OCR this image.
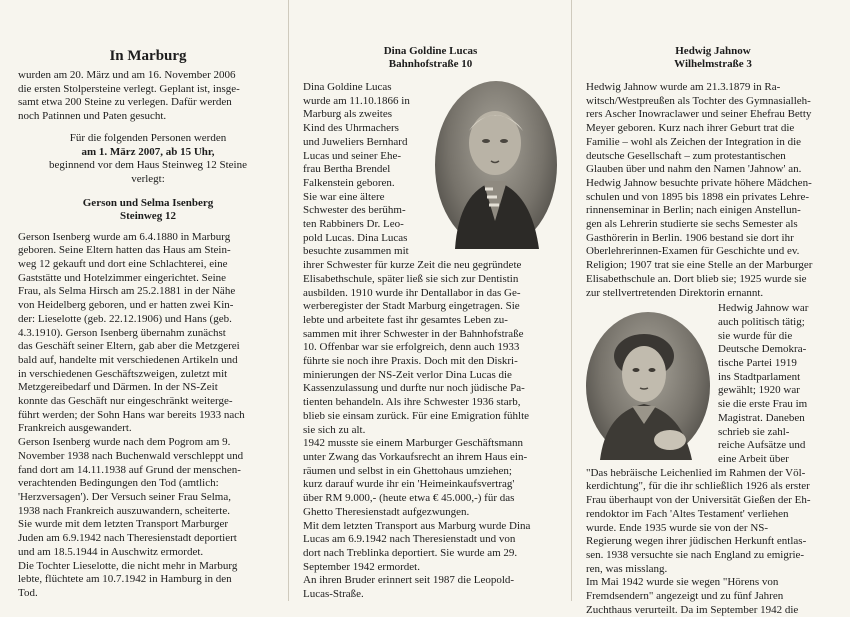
In Marburg

wurden am 20. März und am 16. November 2006

die ersten Stolpersteine verlegt. Geplant ist, insge-

samt etwa 200 Steine zu verlegen. Dafür werden

noch Patinnen und Paten gesucht.

Für die folgenden Personen werden

am 1. März 2007, ab 15 Uhr,

beginnend vor dem Haus Steinweg 12 Steine

verlegt:

Gerson und Selma Isenberg
Steinweg 12

Gerson Isenberg wurde am 6.4.1880 in Marburg

geboren. Seine Eltern hatten das Haus am Stein-

weg 12 gekauft und dort eine Schlachterei, eine

Gaststätte und Hotelzimmer eingerichtet. Seine

Frau, als Selma Hirsch am 25.2.1881 in der Nähe

von Heidelberg geboren, und er hatten zwei Kin-

der: Lieselotte (geb. 22.12.1906) und Hans (geb.

4.3.1910). Gerson Isenberg übernahm zunächst

das Geschäft seiner Eltern, gab aber die Metzgerei

bald auf, handelte mit verschiedenen Artikeln und

in verschiedenen Geschäftszweigen, zuletzt mit

Metzgereibedarf und Därmen. In der NS-Zeit

konnte das Geschäft nur eingeschränkt weiterge-

führt werden; der Sohn Hans war bereits 1933 nach

Frankreich ausgewandert.

Gerson Isenberg wurde nach dem Pogrom am 9.

November 1938 nach Buchenwald verschleppt und

fand dort am 14.11.1938 auf Grund der menschen-

verachtenden Bedingungen den Tod (amtlich:

'Herzversagen'). Der Versuch seiner Frau Selma,

1938 nach Frankreich auszuwandern, scheiterte.

Sie wurde mit dem letzten Transport Marburger

Juden am 6.9.1942 nach Theresienstadt deportiert

und am 18.5.1944 in Auschwitz ermordet.

Die Tochter Lieselotte, die nicht mehr in Marburg

lebte, flüchtete am 10.7.1942 in Hamburg in den

Tod.

Dina Goldine Lucas
Bahnhofstraße 10

Dina Goldine Lucas

wurde am 11.10.1866 in

Marburg als zweites

Kind des Uhrmachers

und Juweliers Bernhard

Lucas und seiner Ehe-

frau Bertha Brendel

Falkenstein geboren.

Sie war eine ältere

Schwester des berühm-

ten Rabbiners Dr. Leo-

pold Lucas. Dina Lucas

besuchte zusammen mit

ihrer Schwester für kurze Zeit die neu gegründete

Elisabethschule, später ließ sie sich zur Dentistin

ausbilden. 1910 wurde ihr Dentallabor in das Ge-

werberegister der Stadt Marburg eingetragen. Sie

lebte und arbeitete fast ihr gesamtes Leben zu-

sammen mit ihrer Schwester in der Bahnhofstraße

10. Offenbar war sie erfolgreich, denn auch 1933

führte sie noch ihre Praxis. Doch mit den Diskri-

minierungen der NS-Zeit verlor Dina Lucas die

Kassenzulassung und durfte nur noch jüdische Pa-

tienten behandeln. Als ihre Schwester 1936 starb,

blieb sie einsam zurück. Für eine Emigration fühlte

sie sich zu alt.

1942 musste sie einem Marburger Geschäftsmann

unter Zwang das Vorkaufsrecht an ihrem Haus ein-

räumen und selbst in ein Ghettohaus umziehen;

kurz darauf wurde ihr ein 'Heimeinkaufsvertrag'

über RM 9.000,- (heute etwa € 45.000,-) für das

Ghetto Theresienstadt aufgezwungen.

Mit dem letzten Transport aus Marburg wurde Dina

Lucas am 6.9.1942 nach Theresienstadt und von

dort nach Treblinka deportiert. Sie wurde am 29.

September 1942 ermordet.

An ihren Bruder erinnert seit 1987 die Leopold-

Lucas-Straße.

Hedwig Jahnow
Wilhelmstraße 3

Hedwig Jahnow wurde am 21.3.1879 in Ra-

witsch/Westpreußen als Tochter des Gymnasialleh-

rers Ascher Inowraclawer und seiner Ehefrau Betty

Meyer geboren. Kurz nach ihrer Geburt trat die

Familie – wohl als Zeichen der Integration in die

deutsche Gesellschaft – zum protestantischen

Glauben über und nahm den Namen 'Jahnow' an.

Hedwig Jahnow besuchte private höhere Mädchen-

schulen und von 1895 bis 1898 ein privates Lehre-

rinnenseminar in Berlin; nach einigen Anstellun-

gen als Lehrerin studierte sie sechs Semester als

Gasthörerin in Berlin. 1906 bestand sie dort ihr

Oberlehrerinnen-Examen für Geschichte und ev.

Religion; 1907 trat sie eine Stelle an der Marburger

Elisabethschule an. Dort blieb sie; 1925 wurde sie

zur stellvertretenden Direktorin ernannt.

Hedwig Jahnow war

auch politisch tätig;

sie wurde für die

Deutsche Demokra-

tische Partei 1919

ins Stadtparlament

gewählt; 1920 war

sie die erste Frau im

Magistrat. Daneben

schrieb sie zahl-

reiche Aufsätze und

eine Arbeit über

"Das hebräische Leichenlied im Rahmen der Völ-

kerdichtung", für die ihr schließlich 1926 als erster

Frau überhaupt von der Universität Gießen der Eh-

rendoktor im Fach 'Altes Testament' verliehen

wurde. Ende 1935 wurde sie von der NS-

Regierung wegen ihrer jüdischen Herkunft entlas-

sen. 1938 versuchte sie nach England zu emigrie-

ren, was misslang.

Im Mai 1942 wurde sie wegen "Hörens von

Fremdsendern" angezeigt und zu fünf Jahren

Zuchthaus verurteilt. Da im September 1942 die
